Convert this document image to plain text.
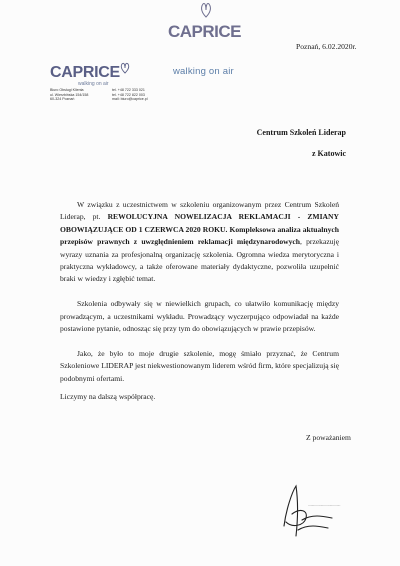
CAPRICE
walking on air
CAPRICE
walking on air
Biuro Obsługi Klienta
ul. Wierzbińska 154/158
60-324 Poznań
tel. +48 722 333 021
tel. +48 722 822 003
mail: biuro@caprice.pl
Poznań, 6.02.2020r.
Centrum Szkoleń Liderap
z Katowic

W związku z uczestnictwem w szkoleniu organizowanym przez Centrum Szkoleń Liderap, pt. REWOLUCYJNA NOWELIZACJA REKLAMACJI - ZMIANY OBOWIĄZUJĄCE OD 1 CZERWCA 2020 ROKU. Kompleksowa analiza aktualnych przepisów prawnych z uwzględnieniem reklamacji międzynarodowych, przekazuję wyrazy uznania za profesjonalną organizację szkolenia. Ogromna wiedza merytoryczna i praktyczna wykładowcy, a także oferowane materiały dydaktyczne, pozwoliła uzupełnić braki w wiedzy i zgłębić temat.

Szkolenia odbywały się w niewielkich grupach, co ułatwiło komunikację między prowadzącym, a uczestnikami wykładu. Prowadzący wyczerpująco odpowiadał na każde postawione pytanie, odnosząc się przy tym do obowiązujących w prawie przepisów.

Jako, że było to moje drugie szkolenie, mogę śmiało przyznać, że Centrum Szkoleniowe LIDERAP jest niekwestionowanym liderem wśród firm, które specjalizują się podobnymi ofertami.

Liczymy na dalszą współpracę.
Z poważaniem
....................................
